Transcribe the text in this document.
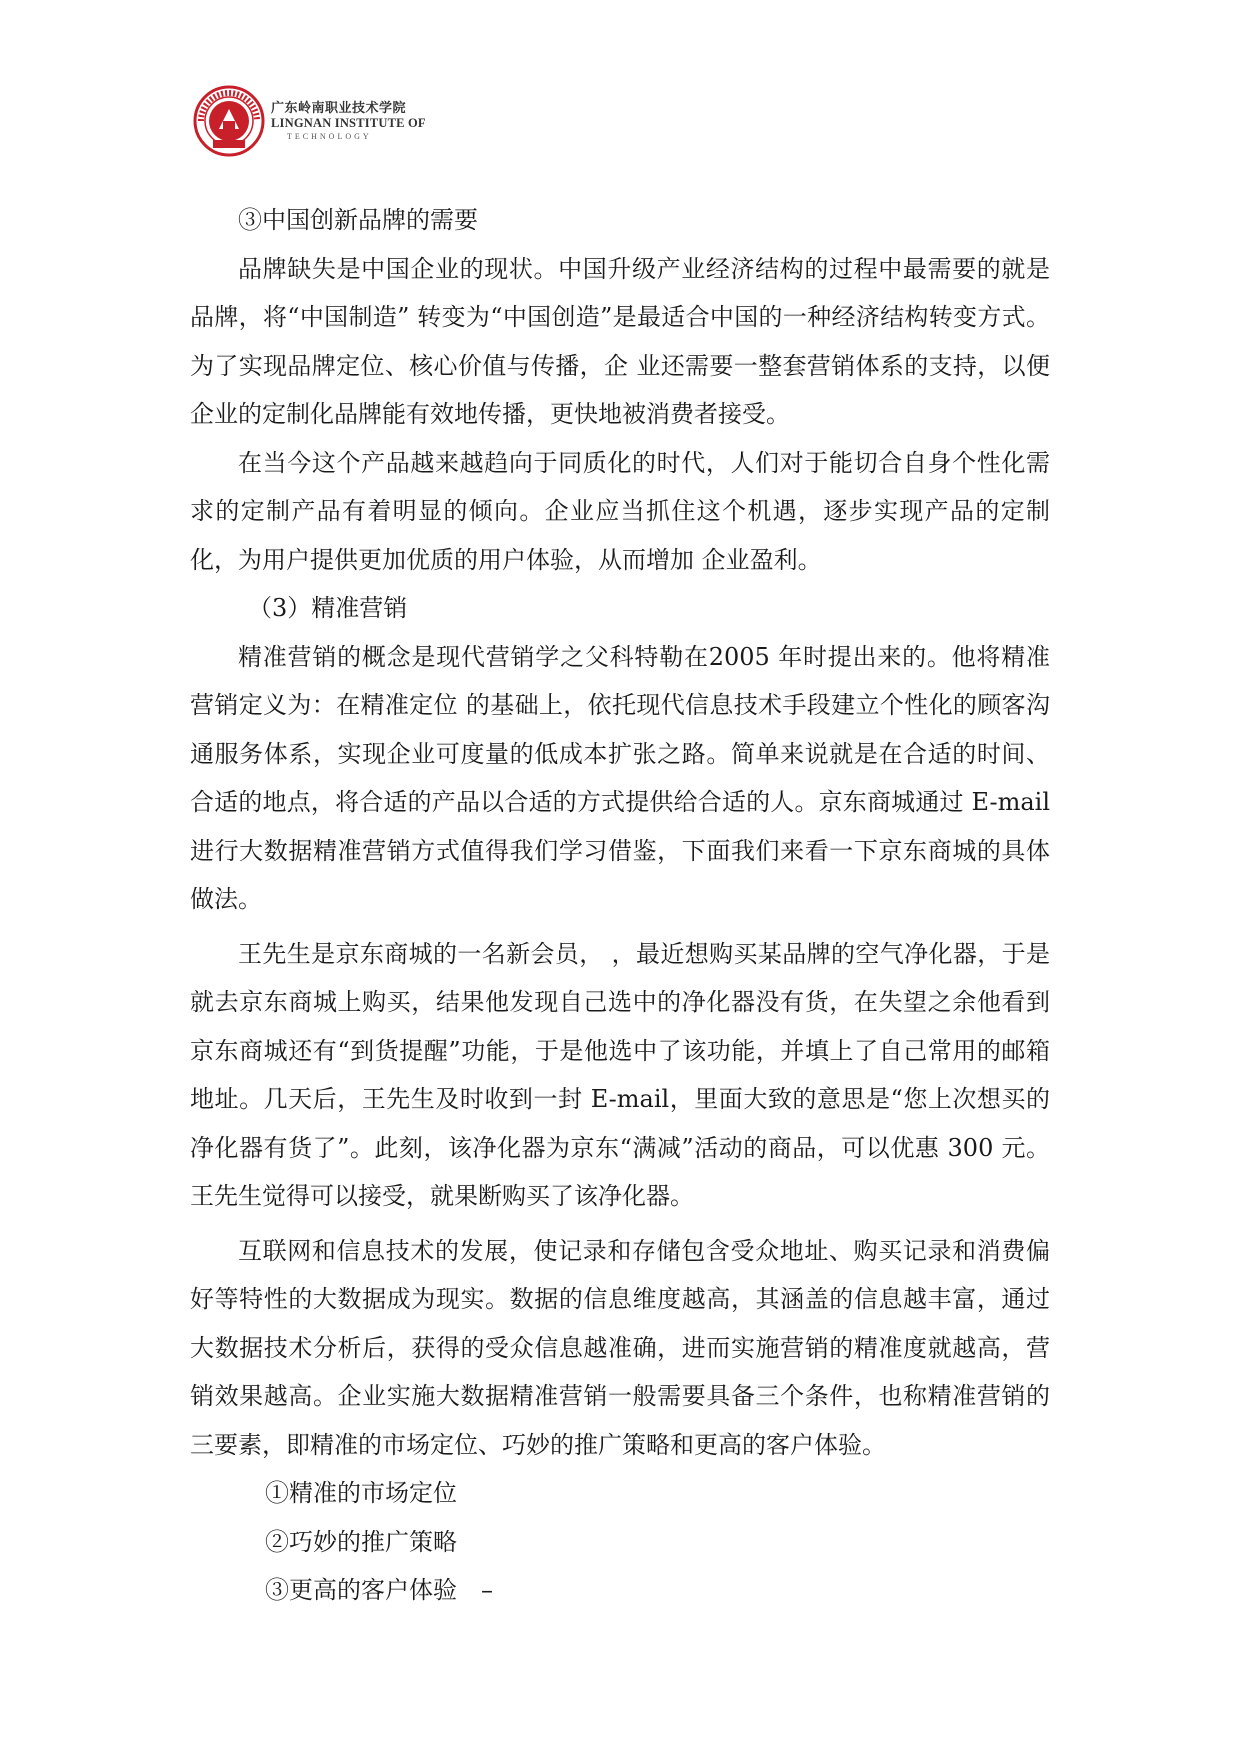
广东岭南职业技术学院
LINGNAN INSTITUTE OF
TECHNOLOGY

③中国创新品牌的需要

品牌缺失是中国企业的现状。中国升级产业经济结构的过程中最需要的就是品牌，将“中国制造” 转变为“中国创造”是最适合中国的一种经济结构转变方式。为了实现品牌定位、核心价值与传播，企 业还需要一整套营销体系的支持，以便企业的定制化品牌能有效地传播，更快地被消费者接受。

在当今这个产品越来越趋向于同质化的时代，人们对于能切合自身个性化需求的定制产品有着明显的倾向。企业应当抓住这个机遇，逐步实现产品的定制化，为用户提供更加优质的用户体验，从而增加 企业盈利。

（3）精准营销

精准营销的概念是现代营销学之父科特勒在2005 年时提出来的。他将精准营销定义为：在精准定位 的基础上，依托现代信息技术手段建立个性化的顾客沟通服务体系，实现企业可度量的低成本扩张之路。简单来说就是在合适的时间、合适的地点，将合适的产品以合适的方式提供给合适的人。京东商城通过 E-mail 进行大数据精准营销方式值得我们学习借鉴，下面我们来看一下京东商城的具体做法。

王先生是京东商城的一名新会员， ，最近想购买某品牌的空气净化器，于是就去京东商城上购买，结果他发现自己选中的净化器没有货，在失望之余他看到京东商城还有“到货提醒”功能，于是他选中了该功能，并填上了自己常用的邮箱地址。几天后，王先生及时收到一封 E-mail，里面大致的意思是“您上次想买的净化器有货了”。此刻，该净化器为京东“满减”活动的商品，可以优惠 300 元。王先生觉得可以接受，就果断购买了该净化器。

互联网和信息技术的发展，使记录和存储包含受众地址、购买记录和消费偏好等特性的大数据成为现实。数据的信息维度越高，其涵盖的信息越丰富，通过大数据技术分析后，获得的受众信息越准确，进而实施营销的精准度就越高，营销效果越高。企业实施大数据精准营销一般需要具备三个条件，也称精准营销的三要素，即精准的市场定位、巧妙的推广策略和更高的客户体验。

①精准的市场定位

②巧妙的推广策略

③更高的客户体验　–
